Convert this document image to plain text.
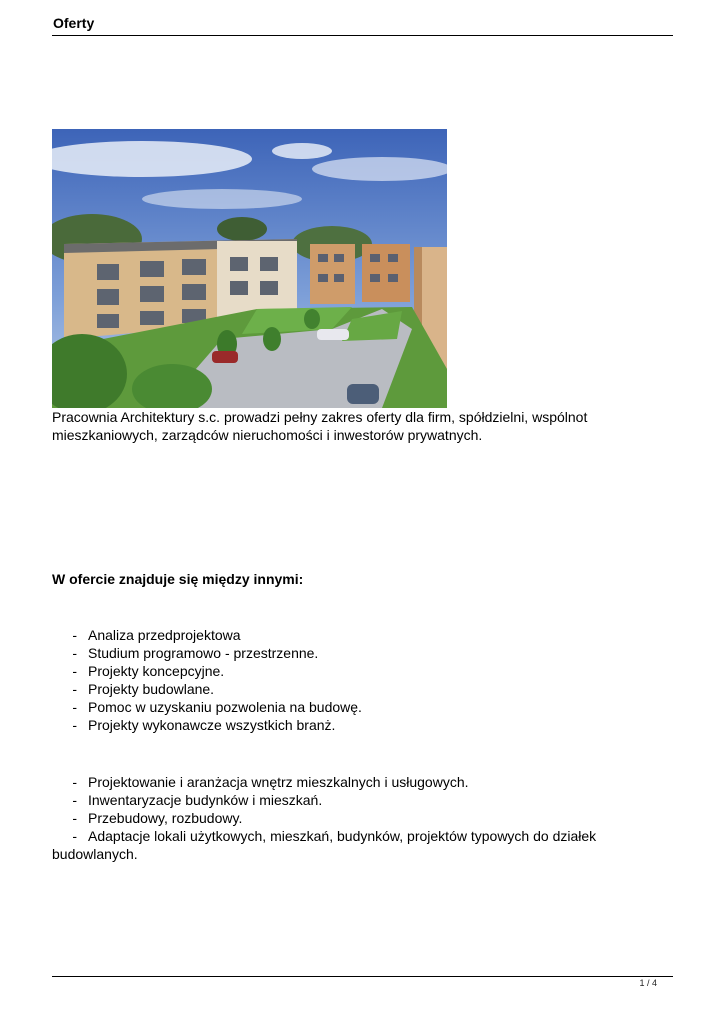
Oferty
Pracownia Architektury s.c. prowadzi pełny zakres oferty dla firm, spółdzielni, wspólnot
mieszkaniowych, zarządców nieruchomości i inwestorów prywatnych.
W ofercie znajduje się między innymi:
- Analiza przedprojektowa
- Studium programowo - przestrzenne.
- Projekty koncepcyjne.
- Projekty budowlane.
- Pomoc w uzyskaniu pozwolenia na budowę.
- Projekty wykonawcze wszystkich branż.
- Projektowanie i aranżacja wnętrz mieszkalnych i usługowych.
- Inwentaryzacje budynków i mieszkań.
- Przebudowy, rozbudowy.
- Adaptacje lokali użytkowych, mieszkań, budynków, projektów typowych do działek
budowlanych.
1 / 4
